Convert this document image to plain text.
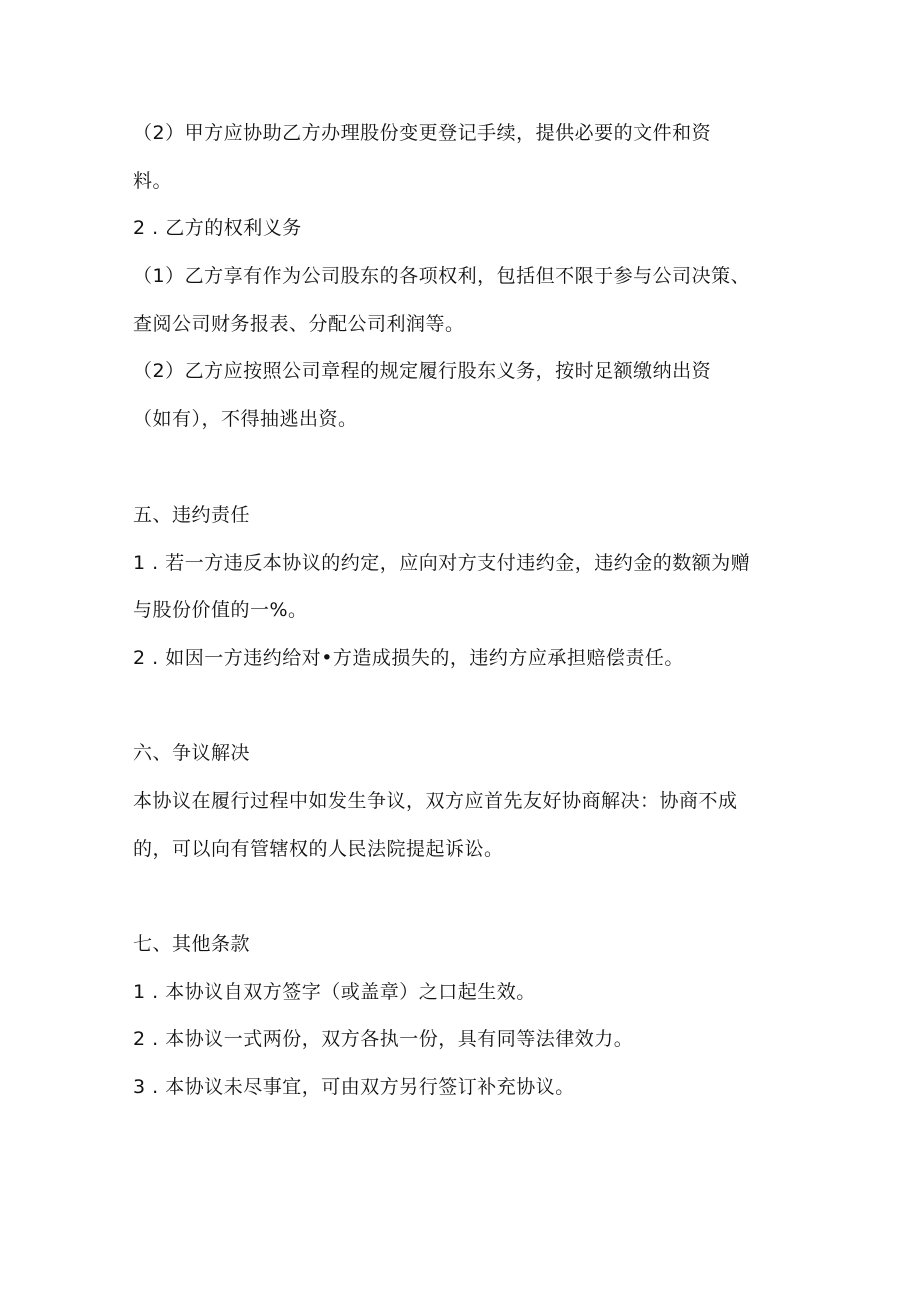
（2）甲方应协助乙方办理股份变更登记手续，提供必要的文件和资
料。
2 . 乙方的权利义务
（1）乙方享有作为公司股东的各项权利，包括但不限于参与公司决策、
查阅公司财务报表、分配公司利润等。
（2）乙方应按照公司章程的规定履行股东义务，按时足额缴纳出资
（如有），不得抽逃出资。
五、违约责任
1 . 若一方违反本协议的约定，应向对方支付违约金，违约金的数额为赠
与股份价值的一%。
2 . 如因一方违约给对•方造成损失的，违约方应承担赔偿责任。
六、争议解决
本协议在履行过程中如发生争议，双方应首先友好协商解决：协商不成
的，可以向有管辖权的人民法院提起诉讼。
七、其他条款
1 . 本协议自双方签字（或盖章）之口起生效。
2 . 本协议一式两份，双方各执一份，具有同等法律效力。
3 . 本协议未尽事宜，可由双方另行签订补充协议。
